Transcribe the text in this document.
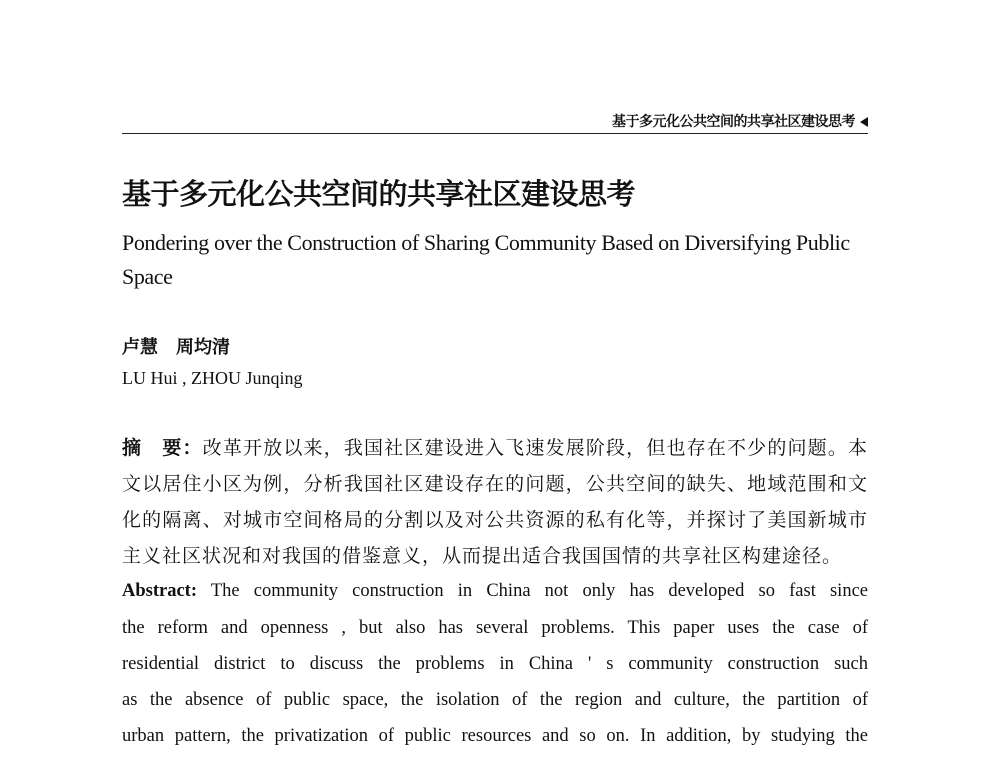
基于多元化公共空间的共享社区建设思考
基于多元化公共空间的共享社区建设思考
Pondering over the Construction of Sharing Community Based on Diversifying Public Space
卢慧　周均清
LU Hui , ZHOU Junqing
摘　要：改革开放以来，我国社区建设进入飞速发展阶段，但也存在不少的问题。本
文以居住小区为例，分析我国社区建设存在的问题，公共空间的缺失、地域范围和文
化的隔离、对城市空间格局的分割以及对公共资源的私有化等，并探讨了美国新城市
主义社区状况和对我国的借鉴意义，从而提出适合我国国情的共享社区构建途径。
Abstract: The community construction in China not only has developed so fast since
the reform and openness , but also has several problems. This paper uses the case of
residential district to discuss the problems in China ' s community construction such
as the absence of public space, the isolation of the region and culture, the partition of
urban pattern, the privatization of public resources and so on. In addition, by studying the
